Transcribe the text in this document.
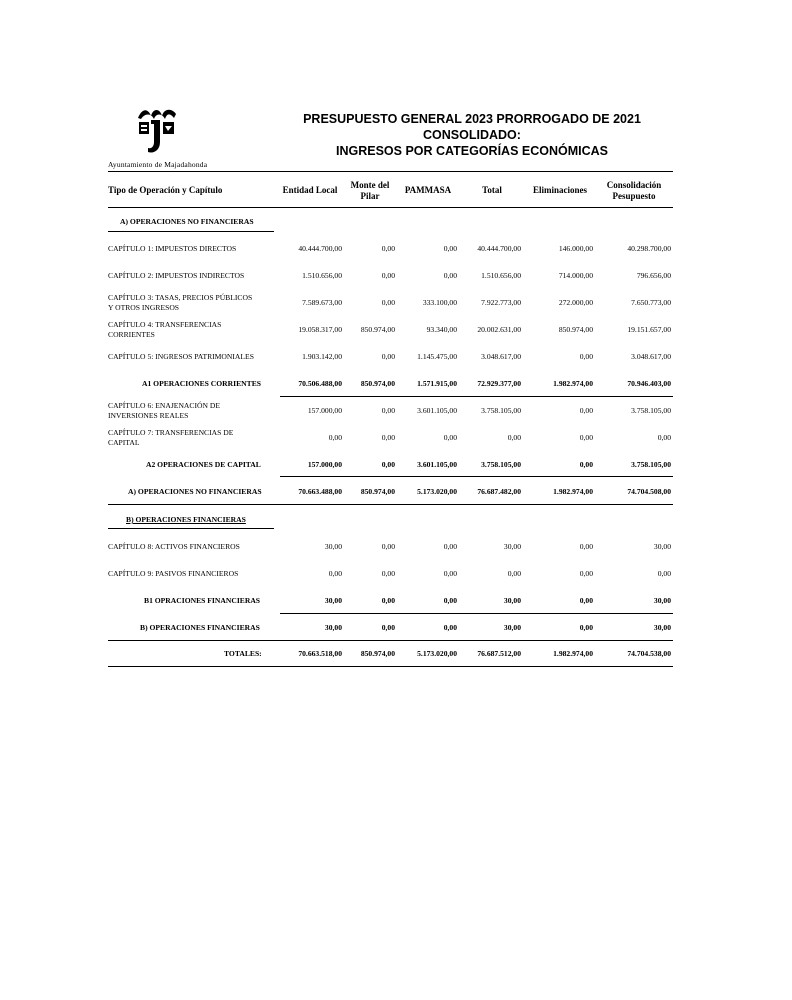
Ayuntamiento de Majadahonda
PRESUPUESTO GENERAL 2023 PRORROGADO DE 2021
CONSOLIDADO:
INGRESOS POR CATEGORÍAS ECONÓMICAS
Tipo de Operación y Capítulo	Entidad Local	Monte del
Pilar
PAMMASA	Total	Eliminaciones	Consolidación
Pesupuesto
A) OPERACIONES NO FINANCIERAS
CAPÍTULO 1: IMPUESTOS DIRECTOS	40.444.700,00	0,00	0,00	40.444.700,00	146.000,00	40.298.700,00
CAPÍTULO 2: IMPUESTOS INDIRECTOS	1.510.656,00	0,00	0,00	1.510.656,00	714.000,00	796.656,00
CAPÍTULO 3: TASAS, PRECIOS PÚBLICOS
Y OTROS INGRESOS	7.589.673,00	0,00	333.100,00	7.922.773,00	272.000,00	7.650.773,00
CAPÍTULO 4: TRANSFERENCIAS
CORRIENTES	19.058.317,00 850.974,00	93.340,00	20.002.631,00	850.974,00	19.151.657,00
CAPÍTULO 5: INGRESOS PATRIMONIALES	1.903.142,00	0,00	1.145.475,00	3.048.617,00	0,00	3.048.617,00
A1 OPERACIONES CORRIENTES	70.506.488,00 850.974,00	1.571.915,00	72.929.377,00	1.982.974,00	70.946.403,00
CAPÍTULO 6: ENAJENACIÓN DE
INVERSIONES REALES	157.000,00	0,00	3.601.105,00	3.758.105,00	0,00	3.758.105,00
CAPÍTULO 7: TRANSFERENCIAS DE
CAPITAL	0,00	0,00	0,00	0,00	0,00	0,00
A2 OPERACIONES DE CAPITAL	157.000,00	0,00	3.601.105,00	3.758.105,00	0,00	3.758.105,00
A) OPERACIONES NO FINANCIERAS	70.663.488,00 850.974,00	5.173.020,00	76.687.482,00	1.982.974,00	74.704.508,00
B) OPERACIONES FINANCIERAS
CAPÍTULO 8: ACTIVOS FINANCIEROS	30,00	0,00	0,00	30,00	0,00	30,00
CAPÍTULO 9: PASIVOS FINANCIEROS	0,00	0,00	0,00	0,00	0,00	0,00
B1 OPRACIONES FINANCIERAS	30,00	0,00	0,00	30,00	0,00	30,00
B) OPERACIONES FINANCIERAS	30,00	0,00	0,00	30,00	0,00	30,00
TOTALES:	70.663.518,00 850.974,00	5.173.020,00	76.687.512,00	1.982.974,00	74.704.538,00
